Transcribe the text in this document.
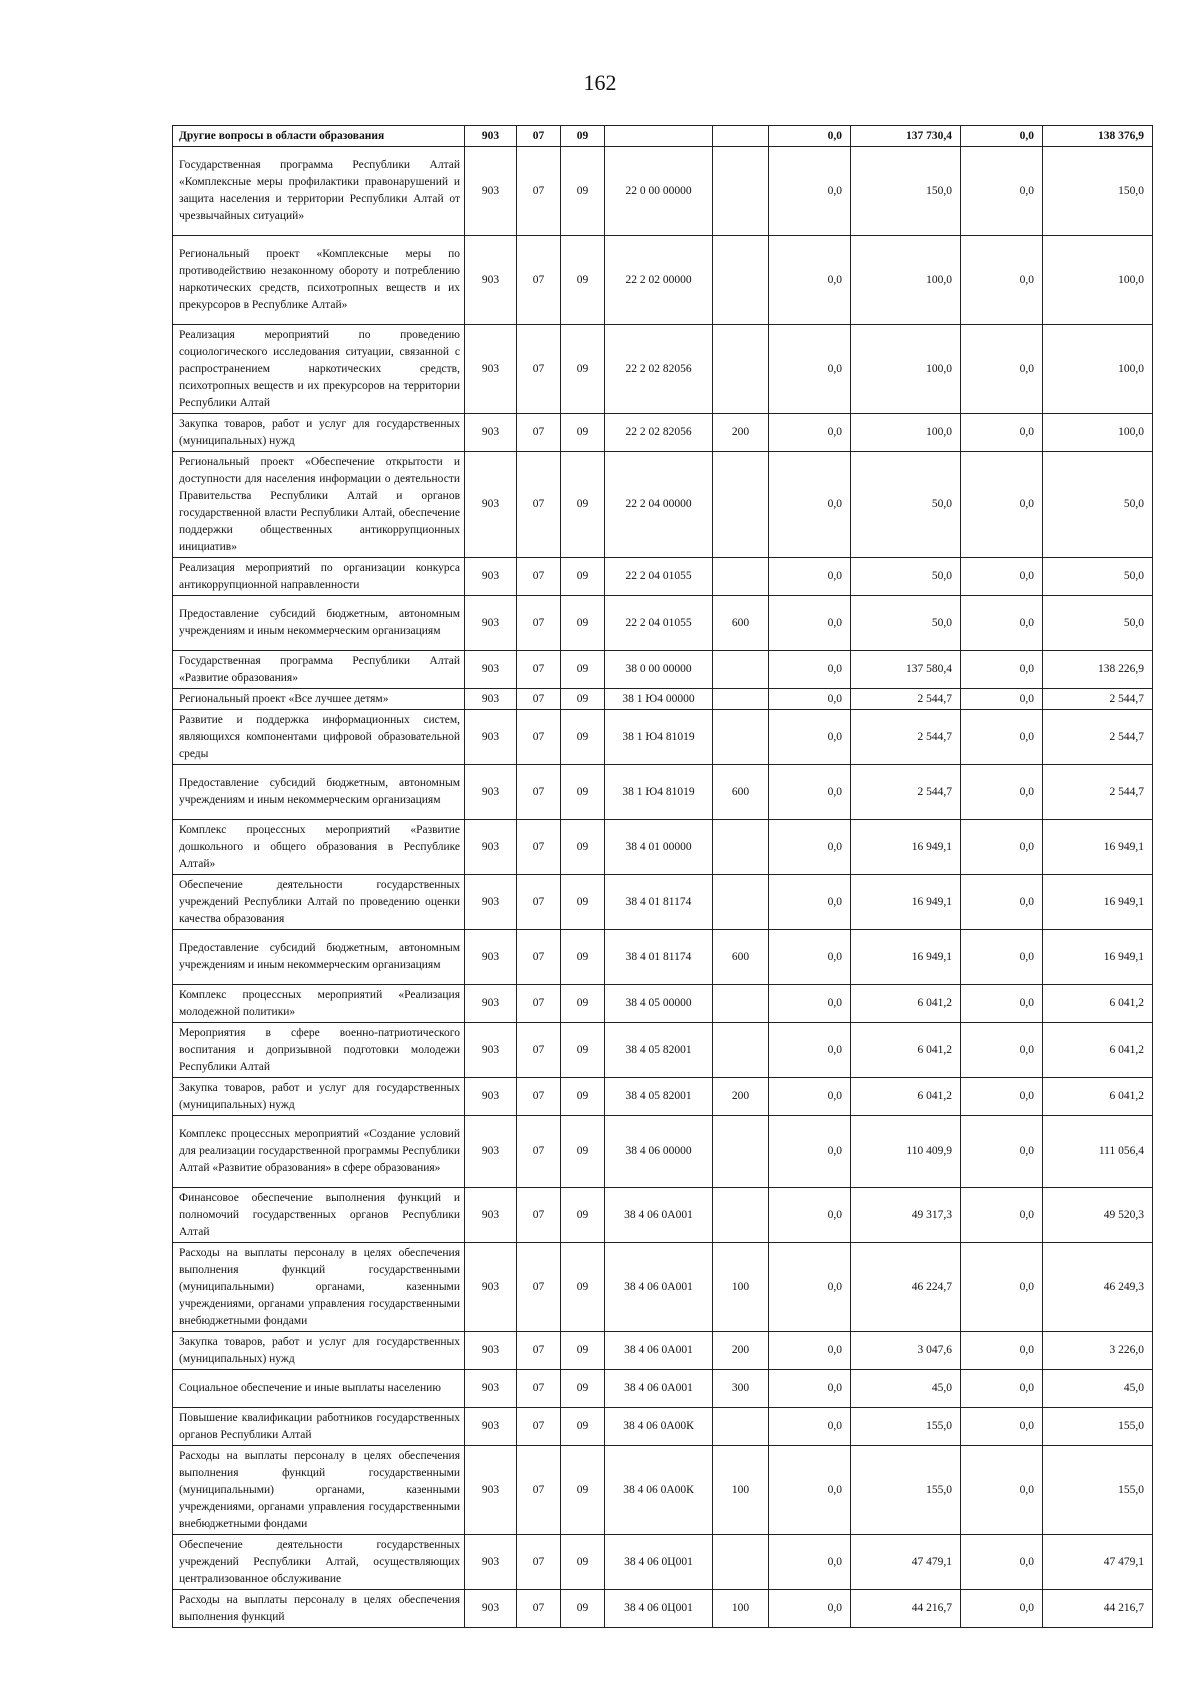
162
Другие вопросы в области образования	903	07	09			0,0	137 730,4	0,0	138 376,9
Государственная программа Республики Алтай «Комплексные меры профилактики правонарушений и защита населения и территории Республики Алтай от чрезвычайных ситуаций»	903	07	09	22 0 00 00000		0,0	150,0	0,0	150,0
Региональный проект «Комплексные меры по противодействию незаконному обороту и потреблению наркотических средств, психотропных веществ и их прекурсоров в Республике Алтай»	903	07	09	22 2 02 00000		0,0	100,0	0,0	100,0
Реализация мероприятий по проведению социологического исследования ситуации, связанной с распространением наркотических средств, психотропных веществ и их прекурсоров на территории Республики Алтай	903	07	09	22 2 02 82056		0,0	100,0	0,0	100,0
Закупка товаров, работ и услуг для государственных (муниципальных) нужд	903	07	09	22 2 02 82056	200	0,0	100,0	0,0	100,0
Региональный проект «Обеспечение открытости и доступности для населения информации о деятельности Правительства Республики Алтай и органов государственной власти Республики Алтай, обеспечение поддержки общественных антикоррупционных инициатив»	903	07	09	22 2 04 00000		0,0	50,0	0,0	50,0
Реализация мероприятий по организации конкурса антикоррупционной направленности	903	07	09	22 2 04 01055		0,0	50,0	0,0	50,0
Предоставление субсидий бюджетным, автономным учреждениям и иным некоммерческим организациям	903	07	09	22 2 04 01055	600	0,0	50,0	0,0	50,0
Государственная программа Республики Алтай «Развитие образования»	903	07	09	38 0 00 00000		0,0	137 580,4	0,0	138 226,9
Региональный проект «Все лучшее детям»	903	07	09	38 1 Ю4 00000		0,0	2 544,7	0,0	2 544,7
Развитие и поддержка информационных систем, являющихся компонентами цифровой образовательной среды	903	07	09	38 1 Ю4 81019		0,0	2 544,7	0,0	2 544,7
Предоставление субсидий бюджетным, автономным учреждениям и иным некоммерческим организациям	903	07	09	38 1 Ю4 81019	600	0,0	2 544,7	0,0	2 544,7
Комплекс процессных мероприятий «Развитие дошкольного и общего образования в Республике Алтай»	903	07	09	38 4 01 00000		0,0	16 949,1	0,0	16 949,1
Обеспечение деятельности государственных учреждений Республики Алтай по проведению оценки качества образования	903	07	09	38 4 01 81174		0,0	16 949,1	0,0	16 949,1
Предоставление субсидий бюджетным, автономным учреждениям и иным некоммерческим организациям	903	07	09	38 4 01 81174	600	0,0	16 949,1	0,0	16 949,1
Комплекс процессных мероприятий «Реализация молодежной политики»	903	07	09	38 4 05 00000		0,0	6 041,2	0,0	6 041,2
Мероприятия в сфере военно-патриотического воспитания и допризывной подготовки молодежи Республики Алтай	903	07	09	38 4 05 82001		0,0	6 041,2	0,0	6 041,2
Закупка товаров, работ и услуг для государственных (муниципальных) нужд	903	07	09	38 4 05 82001	200	0,0	6 041,2	0,0	6 041,2
Комплекс процессных мероприятий «Создание условий для реализации государственной программы Республики Алтай «Развитие образования» в сфере образования»	903	07	09	38 4 06 00000		0,0	110 409,9	0,0	111 056,4
Финансовое обеспечение выполнения функций и полномочий государственных органов Республики Алтай	903	07	09	38 4 06 0А001		0,0	49 317,3	0,0	49 520,3
Расходы на выплаты персоналу в целях обеспечения выполнения функций государственными (муниципальными) органами, казенными учреждениями, органами управления государственными внебюджетными фондами	903	07	09	38 4 06 0А001	100	0,0	46 224,7	0,0	46 249,3
Закупка товаров, работ и услуг для государственных (муниципальных) нужд	903	07	09	38 4 06 0А001	200	0,0	3 047,6	0,0	3 226,0
Социальное обеспечение и иные выплаты населению	903	07	09	38 4 06 0А001	300	0,0	45,0	0,0	45,0
Повышение квалификации работников государственных органов Республики Алтай	903	07	09	38 4 06 0А00К		0,0	155,0	0,0	155,0
Расходы на выплаты персоналу в целях обеспечения выполнения функций государственными (муниципальными) органами, казенными учреждениями, органами управления государственными внебюджетными фондами	903	07	09	38 4 06 0А00К	100	0,0	155,0	0,0	155,0
Обеспечение деятельности государственных учреждений Республики Алтай, осуществляющих централизованное обслуживание	903	07	09	38 4 06 0Ц001		0,0	47 479,1	0,0	47 479,1
Расходы на выплаты персоналу в целях обеспечения выполнения функций	903	07	09	38 4 06 0Ц001	100	0,0	44 216,7	0,0	44 216,7
